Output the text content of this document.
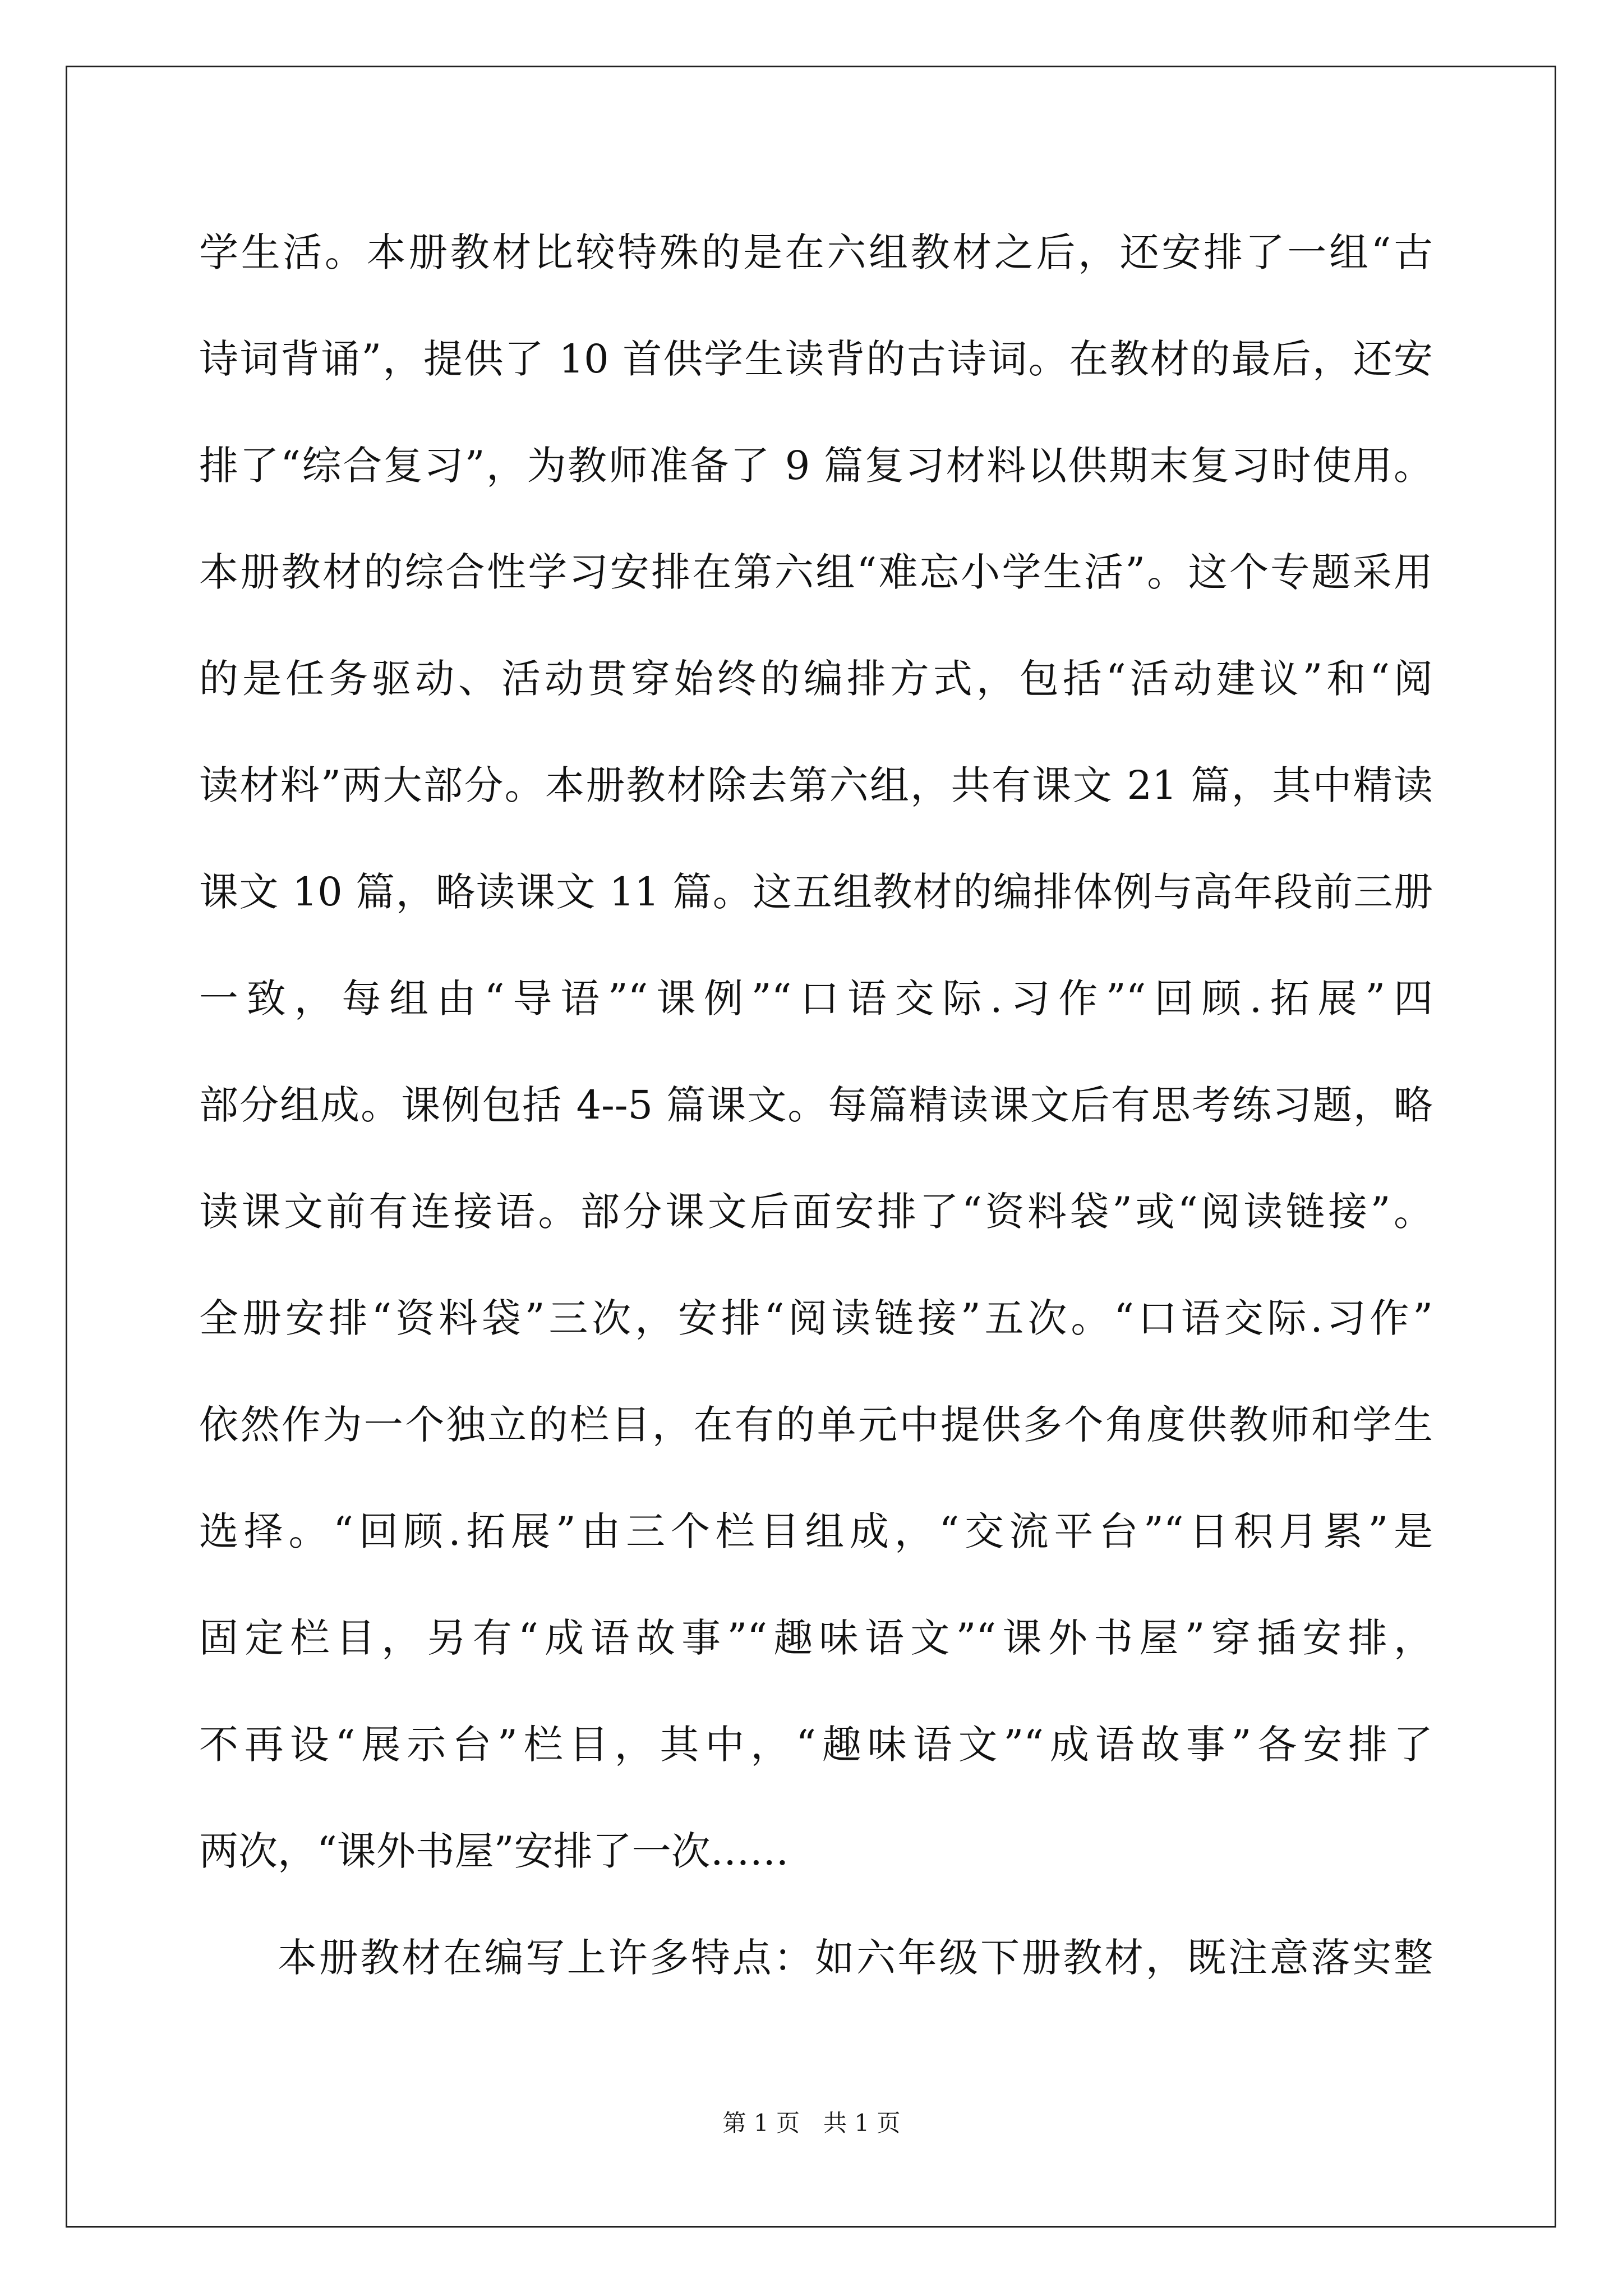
学生活。本册教材比较特殊的是在六组教材之后，还安排了一组“古
诗词背诵”，提供了 10 首供学生读背的古诗词。在教材的最后，还安
排了“综合复习”，为教师准备了 9 篇复习材料以供期末复习时使用。
本册教材的综合性学习安排在第六组“难忘小学生活”。这个专题采用
的是任务驱动、活动贯穿始终的编排方式，包括“活动建议”和“阅
读材料”两大部分。本册教材除去第六组，共有课文 21 篇，其中精读
课文 10 篇，略读课文 11 篇。这五组教材的编排体例与高年段前三册
一致，每组由“导语”“课例”“口语交际.习作”“回顾.拓展”四
部分组成。课例包括 4--5 篇课文。每篇精读课文后有思考练习题，略
读课文前有连接语。部分课文后面安排了“资料袋”或“阅读链接”。
全册安排“资料袋”三次，安排“阅读链接”五次。“口语交际.习作”
依然作为一个独立的栏目，在有的单元中提供多个角度供教师和学生
选择。“回顾.拓展”由三个栏目组成，“交流平台”“日积月累”是
固定栏目，另有“成语故事”“趣味语文”“课外书屋”穿插安排，
不再设“展示台”栏目，其中，“趣味语文”“成语故事”各安排了
两次，“课外书屋”安排了一次……
本册教材在编写上许多特点：如六年级下册教材，既注意落实整
第 1 页　共 1 页
